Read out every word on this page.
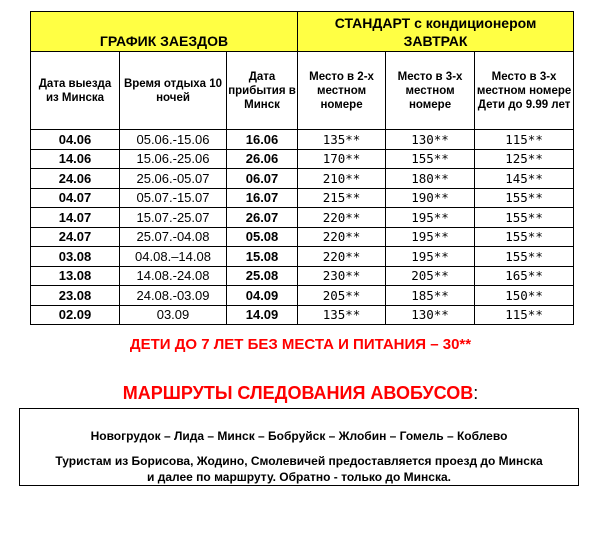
ГРАФИК ЗАЕЗДОВ			СТАНДАРТ с кондиционером
ЗАВТРАК		

Дата выезда из Минска	Время отдыха 10 ночей	Дата прибытия в Минск	Место в 2-х местном номере	Место в 3-х местном номере	Место в 3-х местном номере Дети до 9.99 лет
04.06	05.06.-15.06	16.06	135**	130**	115**
14.06	15.06.-25.06	26.06	170**	155**	125**
24.06	25.06.-05.07	06.07	210**	180**	145**
04.07	05.07.-15.07	16.07	215**	190**	155**
14.07	15.07.-25.07	26.07	220**	195**	155**
24.07	25.07.-04.08	05.08	220**	195**	155**
03.08	04.08.–14.08	15.08	220**	195**	155**
13.08	14.08.-24.08	25.08	230**	205**	165**
23.08	24.08.-03.09	04.09	205**	185**	150**
02.09	03.09	14.09	135**	130**	115**
ДЕТИ ДО 7 ЛЕТ БЕЗ МЕСТА И ПИТАНИЯ – 30**
МАРШРУТЫ СЛЕДОВАНИЯ АВОБУСОВ:
Новогрудок – Лида – Минск – Бобруйск – Жлобин – Гомель – Коблево
Туристам из Борисова, Жодино, Смолевичей предоставляется проезд до Минска
и далее по маршруту. Обратно - только до Минска.
